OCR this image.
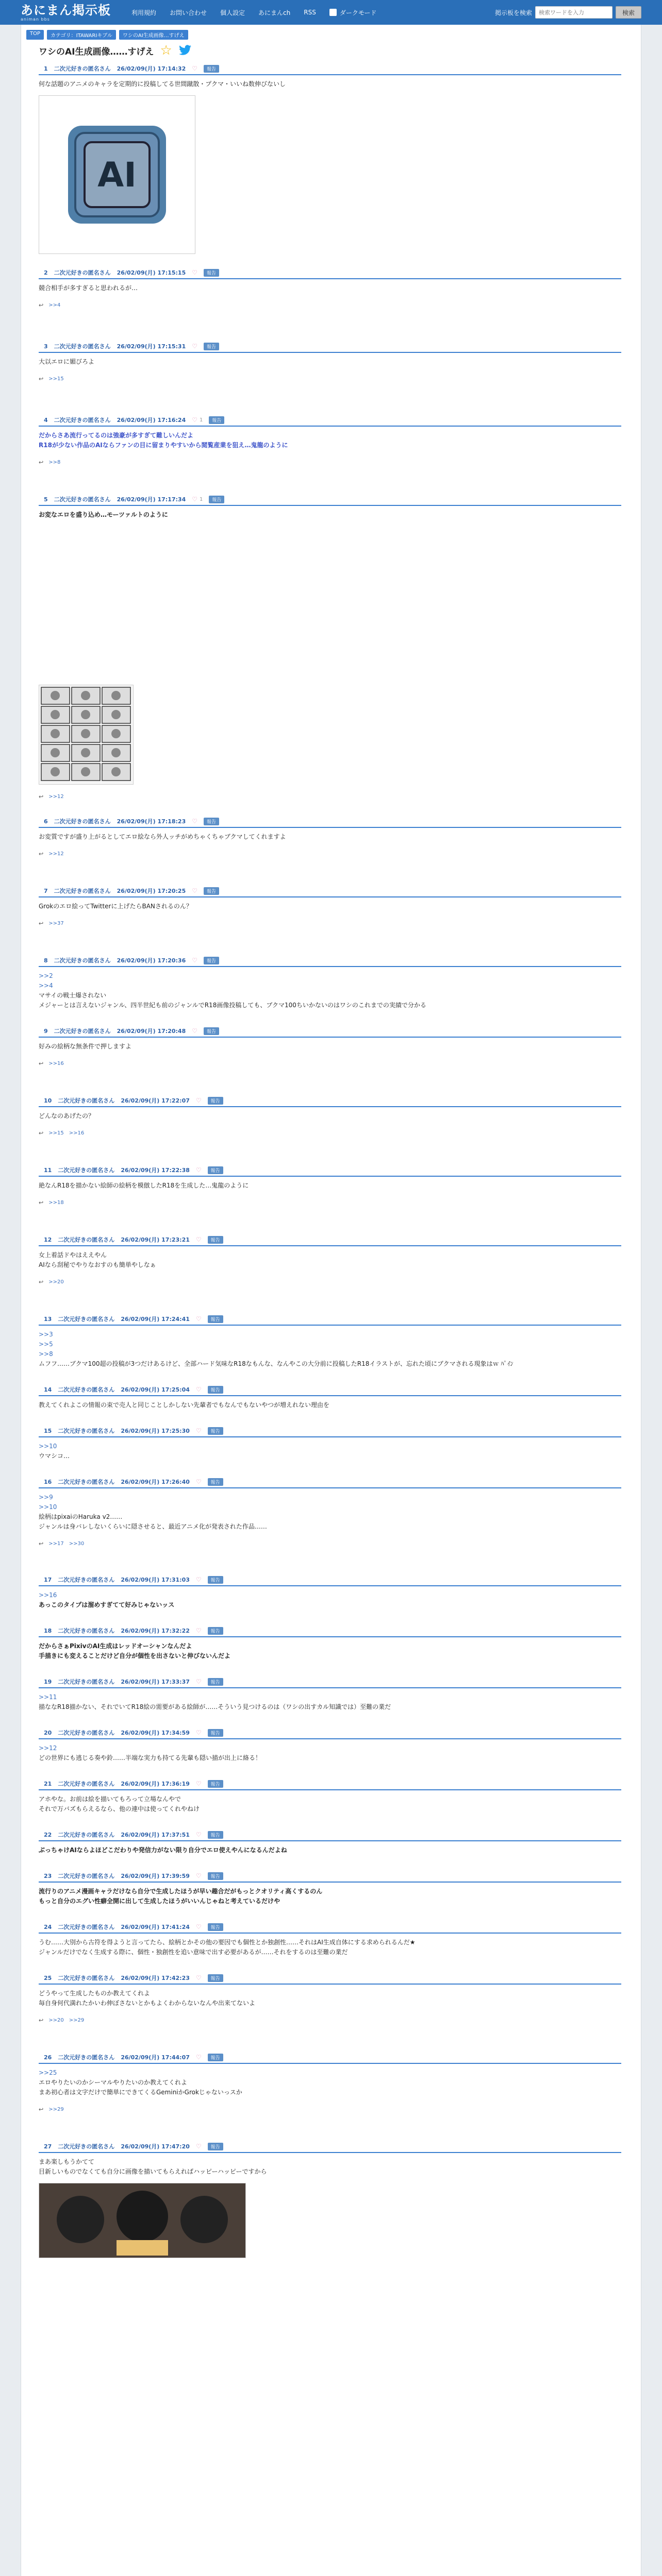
あにまん掲示板
animan bbs
利用規約 お問い合わせ 個人設定 あにまんch RSS	ダークモード	掲示板を検索
検索ワードを入力	検索
TOP	カテゴリ：ITAWARIキブル	ワシのAI生成画像…すげえ
ワシのAI生成画像……すげえ ☆
1 二次元好きの匿名さん 26/02/09(月) 17:14:32 ♡	報告
何な話題のアニメのキャラを定期的に投稿してる世間蹴散・プクマ・いいね数伸びないし
AI
2 二次元好きの匿名さん 26/02/09(月) 17:15:15 ♡	報告
競合相手が多すぎると思われるが…
↩ >>4
3 二次元好きの匿名さん 26/02/09(月) 17:15:31 ♡	報告
大以エロに媚びろよ
↩ >>15
4 二次元好きの匿名さん 26/02/09(月) 17:16:24 ♡ 1	報告
だからさあ流行ってるのは強豪が多すぎて難しいんだよ
R18が少ない作品のAIならファンの目に留まりやすいから閲覧産業を狙え…鬼龍のように
↩ >>8
5 二次元好きの匿名さん 26/02/09(月) 17:17:34 ♡ 1	報告
お変なエロを盛り込め…モーツァルトのように
↩ >>12
6 二次元好きの匿名さん 26/02/09(月) 17:18:23 ♡	報告
お変質ですが盛り上がるとしてエロ絵なら外人ッチがめちゃくちゃブクマしてくれますよ
↩ >>12
7 二次元好きの匿名さん 26/02/09(月) 17:20:25 ♡	報告
Grokのエロ絵ってTwitterに上げたらBANされるのん？
↩ >>37
8 二次元好きの匿名さん 26/02/09(月) 17:20:36 ♡	報告
>>2
>>4
マサイの戦士爆されない
メジャーとは言えないジャンル、四半世紀も前のジャンルでR18画像投稿しても、ブクマ100ちいかないのはワシのこれまでの実績で分かる
9 二次元好きの匿名さん 26/02/09(月) 17:20:48 ♡	報告
好みの絵柄な無条件で押しますよ
↩ >>16
10 二次元好きの匿名さん 26/02/09(月) 17:22:07 ♡	報告
どんなのあげたの？
↩ >>15 >>16
11 二次元好きの匿名さん 26/02/09(月) 17:22:38 ♡	報告
絶なんR18を描かない絵師の絵柄を模倣したR18を生成した…鬼龍のように
↩ >>18
12 二次元好きの匿名さん 26/02/09(月) 17:23:21 ♡	報告
女上着話ドやはええやん
AIなら刮秘でやりなおすのも簡単やしなぁ
↩ >>20
13 二次元好きの匿名さん 26/02/09(月) 17:24:41 ♡	報告
>>3
>>5
>>8
ムフフ……ブクマ100超の投稿が3つだけあるけど、全部ハード気味なR18なもんな、なんやこの大分前に投稿したR18イラストが、忘れた頃にブクマされる現象はｗ ﾊﾟｲﾝ
14 二次元好きの匿名さん 26/02/09(月) 17:25:04 ♡	報告
教えてくれよこの情報の束で売人と同じことしかしない先輩者でもなんでもないやつが増えれない理由を
15 二次元好きの匿名さん 26/02/09(月) 17:25:30 ♡	報告
>>10
ウマシコ…
16 二次元好きの匿名さん 26/02/09(月) 17:26:40 ♡	報告
>>9
>>10
絵柄はpixaiのHaruka v2……
ジャンルは身バレしないくらいに隠させると、最近アニメ化が発表された作品……
↩ >>17 >>30
17 二次元好きの匿名さん 26/02/09(月) 17:31:03 ♡	報告
>>16
あっこのタイプは溜めすぎてて好みじゃないッス
18 二次元好きの匿名さん 26/02/09(月) 17:32:22 ♡	報告
だからさぁPixivのAI生成はレッドオーシャンなんだよ
手描きにも変えることだけど自分が個性を出さないと伸びないんだよ
19 二次元好きの匿名さん 26/02/09(月) 17:33:37 ♡	報告
>>11
描ななR18描かない、それでいてR18絵の需要がある絵師が……そういう見つけるのは（ワシの出すカル知識では）至難の業だ
20 二次元好きの匿名さん 26/02/09(月) 17:34:59 ♡	報告
>>12
どの世界にも逃じる奏や鈴……半端な実力も持てる先輩も隠い描が出上に絡る！
21 二次元好きの匿名さん 26/02/09(月) 17:36:19 ♡	報告
アホやな。お前は絵を描いてもろって立場なんやで
それで万バズもらえるなら、他の連中は使ってくれやねけ
22 二次元好きの匿名さん 26/02/09(月) 17:37:51 ♡	報告
ぶっちゃけAIならよほどこだわりや発信力がない限り自分でエロ使えやんになるんだよね
23 二次元好きの匿名さん 26/02/09(月) 17:39:59 ♡	報告
流行りのアニメ漫画キャラだけなら自分で生成したほうが早い趣合だがもっとクオリティ高くするのん
もっと自分のエグい性癖全開に出して生成したほうがいいんじゃねと考えているだけや
24 二次元好きの匿名さん 26/02/09(月) 17:41:24 ♡	報告
うむ……大別から古符を得ようと言ってたら、絵柄とかその他の要因でも個性とか独創性……それはAI生成自体にする求められるんだ★
ジャンルだけでなく生成する際に、個性・独創性を追い意味で出す必要があるが……それをするのは至難の業だ
25 二次元好きの匿名さん 26/02/09(月) 17:42:23 ♡	報告
どうやって生成したものか教えてくれよ
毎自身何代満れたかいわ伸ぼさないとかもよくわからないなんや出来てないよ
↩ >>20 >>29
26 二次元好きの匿名さん 26/02/09(月) 17:44:07 ♡	報告
>>25
エロやりたいのかシーマルやりたいのか教えてくれよ
まあ初心者は文字だけで簡単にできてくるGeminiかGrokじゃないっスか
↩ >>29
27 二次元好きの匿名さん 26/02/09(月) 17:47:20 ♡	報告
まあ楽しもうかてて
目新しいものでなくても自分に画像を描いてもらえればハッピーハッピーですから
